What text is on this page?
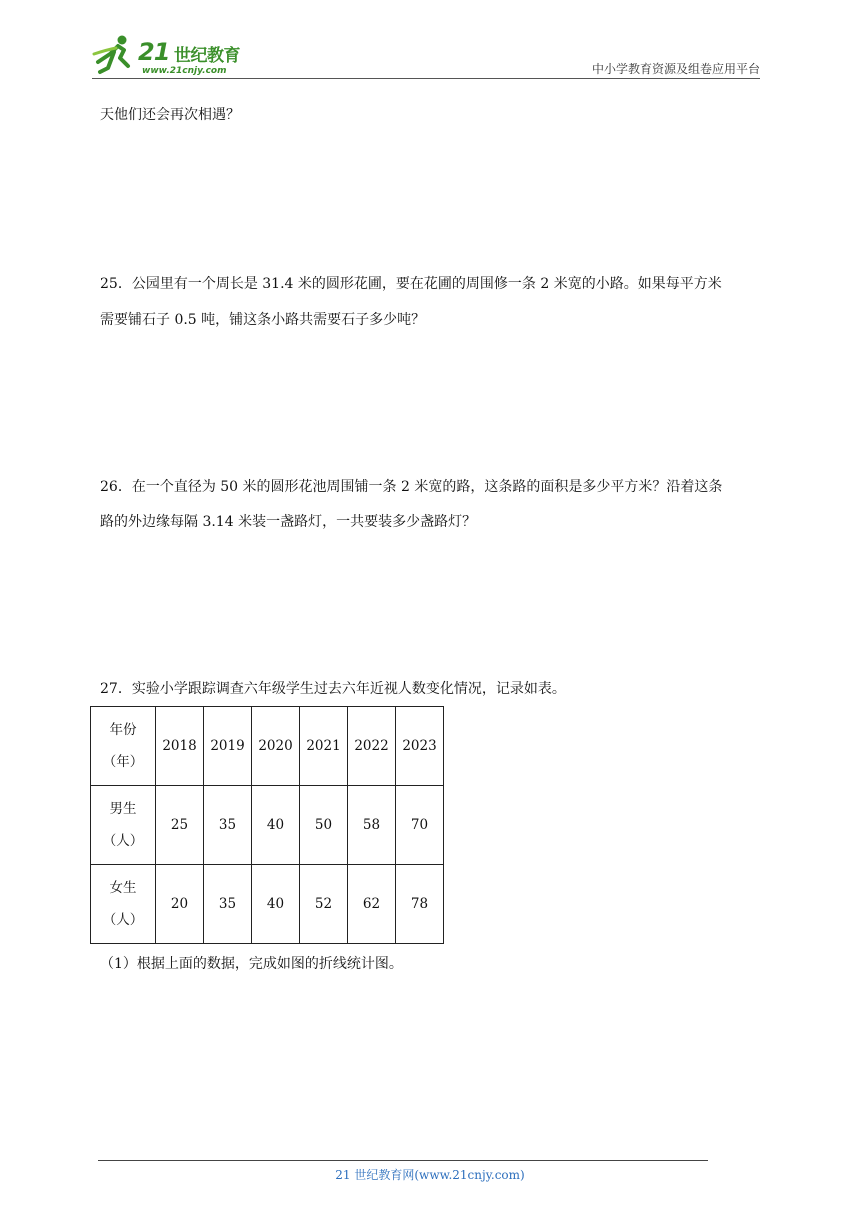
21 世纪教育
www.21cnjy.com	中小学教育资源及组卷应用平台
天他们还会再次相遇？
25．公园里有一个周长是 31.4 米的圆形花圃，要在花圃的周围修一条 2 米宽的小路。如果每平方米
需要铺石子 0.5 吨，铺这条小路共需要石子多少吨？
26．在一个直径为 50 米的圆形花池周围铺一条 2 米宽的路，这条路的面积是多少平方米？沿着这条
路的外边缘每隔 3.14 米装一盏路灯，一共要装多少盏路灯？
27．实验小学跟踪调查六年级学生过去六年近视人数变化情况，记录如表。
年份
（年）	2018	2019	2020	2021	2022	2023

男生
（人）	25	35	40	50	58	70

女生
（人）	20	35	40	52	62	78
（1）根据上面的数据，完成如图的折线统计图。
21 世纪教育网(www.21cnjy.com)
